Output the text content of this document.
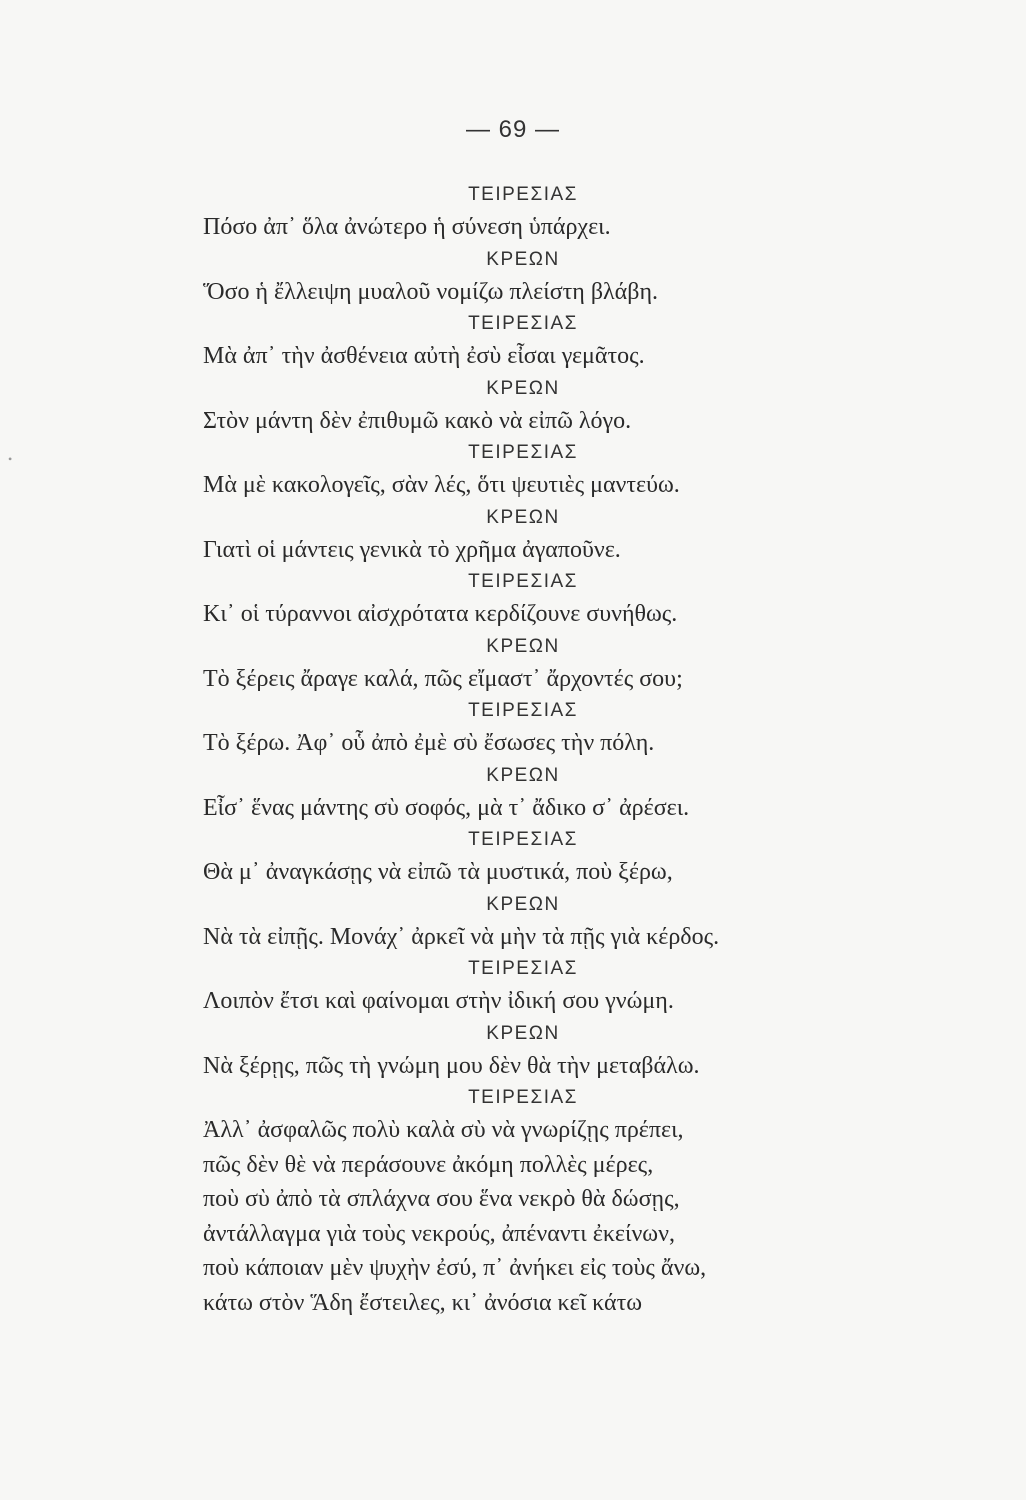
— 69 —
•
ΤΕΙΡΕΣΙΑΣ
Πόσο ἀπ᾽ ὅλα ἀνώτερο ἡ σύνεση ὑπάρχει.
ΚΡΕΩΝ
Ὅσο ἡ ἔλλειψη μυαλοῦ νομίζω πλείστη βλάβη.
ΤΕΙΡΕΣΙΑΣ
Μὰ ἀπ᾽ τὴν ἀσθένεια αὐτὴ ἐσὺ εἶσαι γεμᾶτος.
ΚΡΕΩΝ
Στὸν μάντη δὲν ἐπιθυμῶ κακὸ νὰ εἰπῶ λόγο.
ΤΕΙΡΕΣΙΑΣ
Μὰ μὲ κακολογεῖς, σὰν λές, ὅτι ψευτιὲς μαντεύω.
ΚΡΕΩΝ
Γιατὶ οἱ μάντεις γενικὰ τὸ χρῆμα ἀγαποῦνε.
ΤΕΙΡΕΣΙΑΣ
Κι᾽ οἱ τύραννοι αἰσχρότατα κερδίζουνε συνήθως.
ΚΡΕΩΝ
Τὸ ξέρεις ἄραγε καλά, πῶς εἴμαστ᾽ ἄρχοντές σου;
ΤΕΙΡΕΣΙΑΣ
Τὸ ξέρω. Ἀφ᾽ οὗ ἀπὸ ἐμὲ σὺ ἔσωσες τὴν πόλη.
ΚΡΕΩΝ
Εἶσ᾽ ἕνας μάντης σὺ σοφός, μὰ τ᾽ ἄδικο σ᾽ ἀρέσει.
ΤΕΙΡΕΣΙΑΣ
Θὰ μ᾽ ἀναγκάσῃς νὰ εἰπῶ τὰ μυστικά, ποὺ ξέρω,
ΚΡΕΩΝ
Νὰ τὰ εἰπῇς. Μονάχ᾽ ἀρκεῖ νὰ μὴν τὰ πῇς γιὰ κέρδος.
ΤΕΙΡΕΣΙΑΣ
Λοιπὸν ἔτσι καὶ φαίνομαι στὴν ἰδική σου γνώμη.
ΚΡΕΩΝ
Νὰ ξέρῃς, πῶς τὴ γνώμη μου δὲν θὰ τὴν μεταβάλω.
ΤΕΙΡΕΣΙΑΣ
Ἀλλ᾽ ἀσφαλῶς πολὺ καλὰ σὺ νὰ γνωρίζῃς πρέπει,
πῶς δὲν θὲ νὰ περάσουνε ἀκόμη πολλὲς μέρες,
ποὺ σὺ ἀπὸ τὰ σπλάχνα σου ἕνα νεκρὸ θὰ δώσῃς,
ἀντάλλαγμα γιὰ τοὺς νεκρούς, ἀπέναντι ἐκείνων,
ποὺ κάποιαν μὲν ψυχὴν ἐσύ, π᾽ ἀνήκει εἰς τοὺς ἄνω,
κάτω στὸν Ἅδη ἔστειλες, κι᾽ ἀνόσια κεῖ κάτω
